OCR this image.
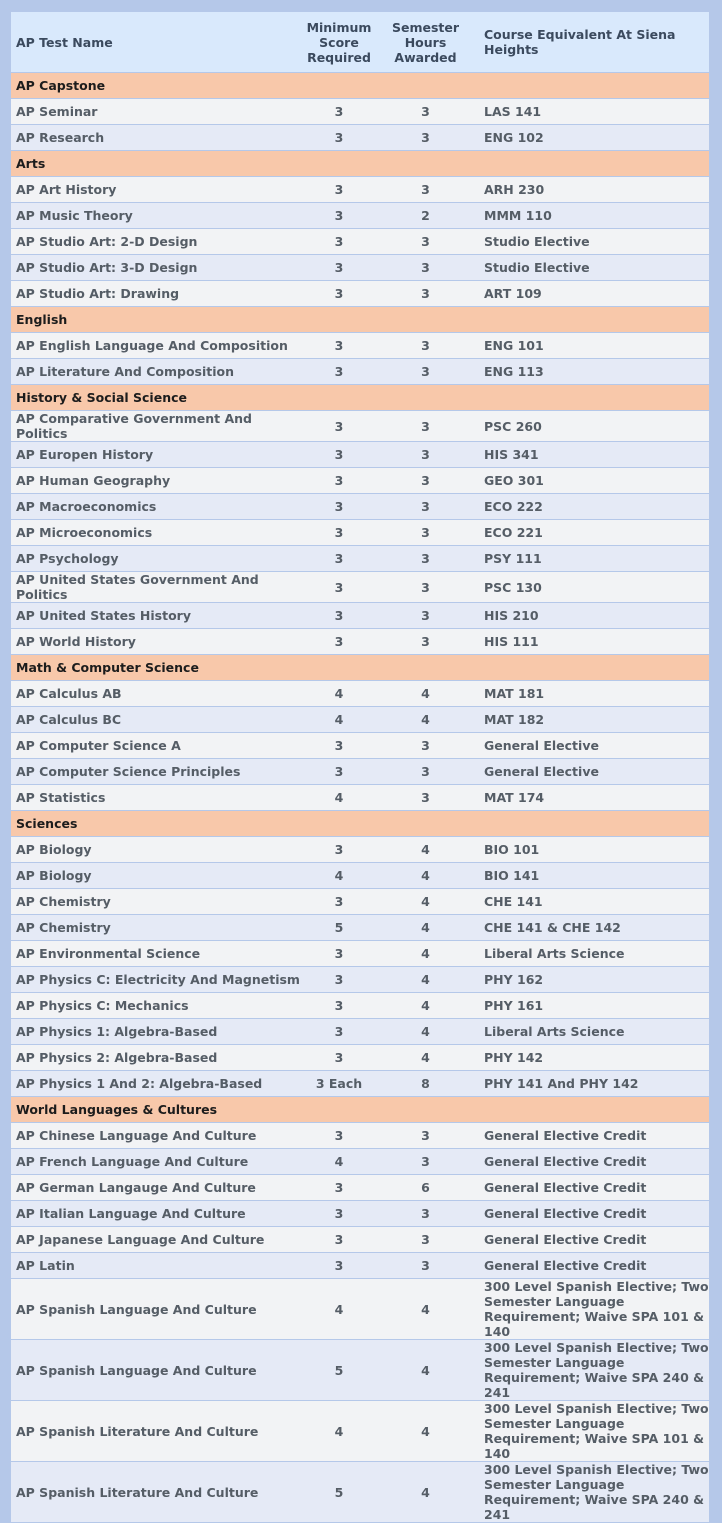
AP Test Name	Minimum Score Required	Semester Hours Awarded	Course Equivalent At Siena Heights
AP Capstone			
AP Seminar	3	3	LAS 141
AP Research	3	3	ENG 102
Arts			
AP Art History	3	3	ARH 230
AP Music Theory	3	2	MMM 110
AP Studio Art: 2-D Design	3	3	Studio Elective
AP Studio Art: 3-D Design	3	3	Studio Elective
AP Studio Art: Drawing	3	3	ART 109
English			
AP English Language And Composition	3	3	ENG 101
AP Literature And Composition	3	3	ENG 113
History & Social Science			
AP Comparative Government And Politics	3	3	PSC 260
AP Europen History	3	3	HIS 341
AP Human Geography	3	3	GEO 301
AP Macroeconomics	3	3	ECO 222
AP Microeconomics	3	3	ECO 221
AP Psychology	3	3	PSY 111
AP United States Government And Politics	3	3	PSC 130
AP United States History	3	3	HIS 210
AP World History	3	3	HIS 111
Math & Computer Science			
AP Calculus AB	4	4	MAT 181
AP Calculus BC	4	4	MAT 182
AP Computer Science A	3	3	General Elective
AP Computer Science Principles	3	3	General Elective
AP Statistics	4	3	MAT 174
Sciences			
AP Biology	3	4	BIO 101
AP Biology	4	4	BIO 141
AP Chemistry	3	4	CHE 141
AP Chemistry	5	4	CHE 141 & CHE 142
AP Environmental Science	3	4	Liberal Arts Science
AP Physics C: Electricity And Magnetism	3	4	PHY 162
AP Physics C: Mechanics	3	4	PHY 161
AP Physics 1: Algebra-Based	3	4	Liberal Arts Science
AP Physics 2: Algebra-Based	3	4	PHY 142
AP Physics 1 And 2: Algebra-Based	3 Each	8	PHY 141 And PHY 142
World Languages & Cultures			
AP Chinese Language And Culture	3	3	General Elective Credit
AP French Language And Culture	4	3	General Elective Credit
AP German Langauge And Culture	3	6	General Elective Credit
AP Italian Language And Culture	3	3	General Elective Credit
AP Japanese Language And Culture	3	3	General Elective Credit
AP Latin	3	3	General Elective Credit
AP Spanish Language And Culture	4	4	300 Level Spanish Elective; Two Semester Language Requirement; Waive SPA 101 & 140
AP Spanish Language And Culture	5	4	300 Level Spanish Elective; Two Semester Language Requirement; Waive SPA 240 & 241
AP Spanish Literature And Culture	4	4	300 Level Spanish Elective; Two Semester Language Requirement; Waive SPA 101 & 140
AP Spanish Literature And Culture	5	4	300 Level Spanish Elective; Two Semester Language Requirement; Waive SPA 240 & 241
